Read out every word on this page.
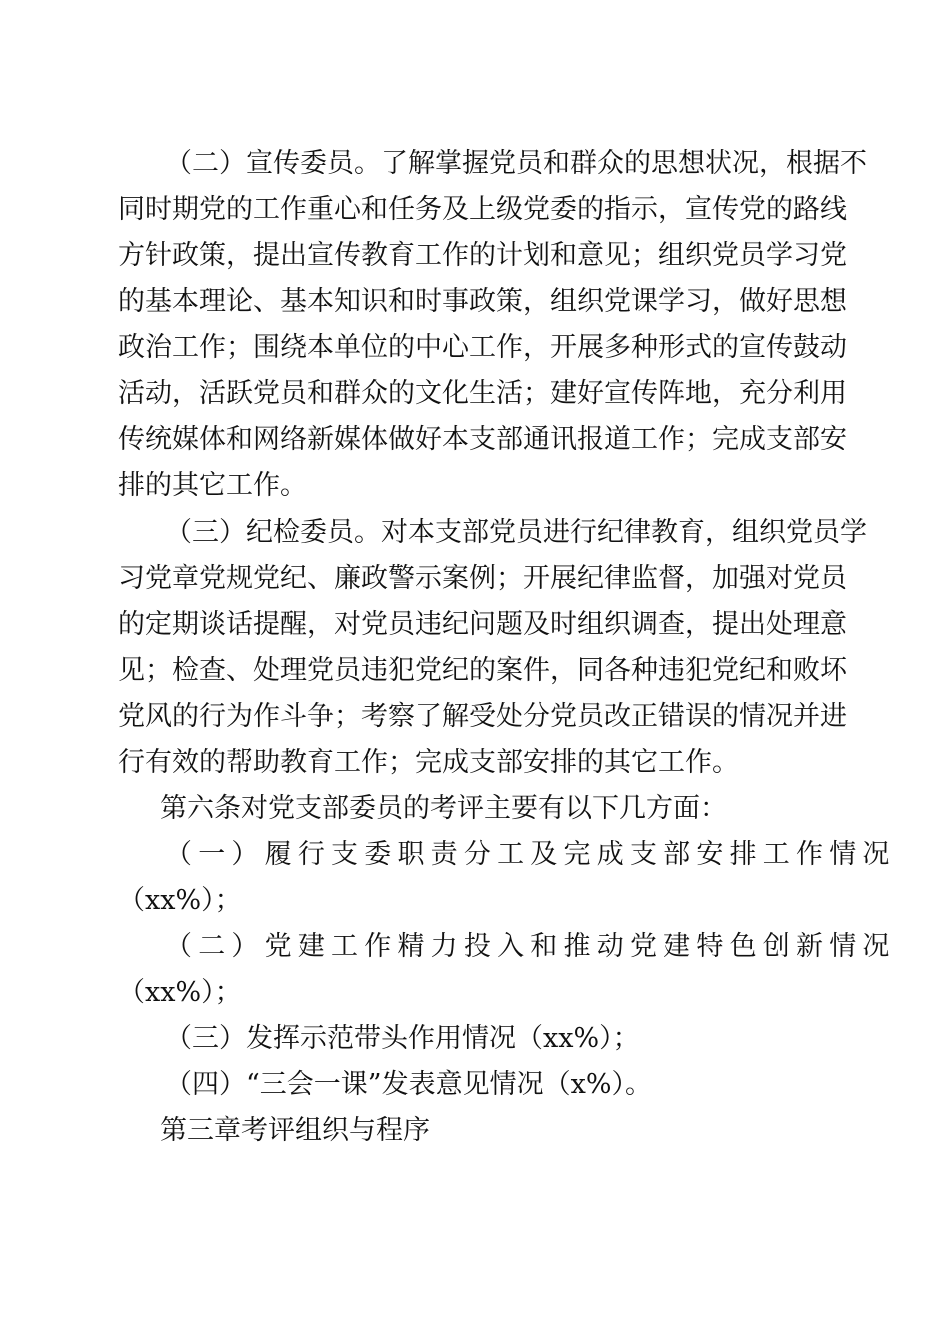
（二）宣传委员。了解掌握党员和群众的思想状况，根据不
同时期党的工作重心和任务及上级党委的指示，宣传党的路线
方针政策，提出宣传教育工作的计划和意见；组织党员学习党
的基本理论、基本知识和时事政策，组织党课学习，做好思想
政治工作；围绕本单位的中心工作，开展多种形式的宣传鼓动
活动，活跃党员和群众的文化生活；建好宣传阵地，充分利用
传统媒体和网络新媒体做好本支部通讯报道工作；完成支部安
排的其它工作。
（三）纪检委员。对本支部党员进行纪律教育，组织党员学
习党章党规党纪、廉政警示案例；开展纪律监督，加强对党员
的定期谈话提醒，对党员违纪问题及时组织调查，提出处理意
见；检查、处理党员违犯党纪的案件，同各种违犯党纪和败坏
党风的行为作斗争；考察了解受处分党员改正错误的情况并进
行有效的帮助教育工作；完成支部安排的其它工作。
第六条对党支部委员的考评主要有以下几方面：
（一）履行支委职责分工及完成支部安排工作情况
（xx%）；
（二）党建工作精力投入和推动党建特色创新情况
（xx%）；
（三）发挥示范带头作用情况（xx%）；
（四）“三会一课”发表意见情况（x%）。
第三章考评组织与程序
